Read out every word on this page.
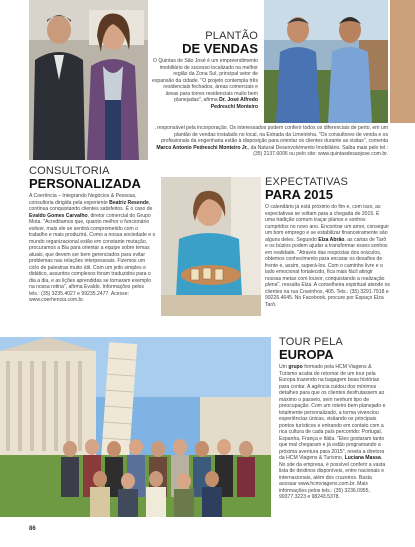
PLANTÃO
DE VENDAS
O Quintas de São José é um empreendimento imobiliário de sucesso localizado na melhor região da Zona Sul, principal vetor de expansão da cidade. "O projeto contempla três residenciais fechados, áreas comerciais e áreas para torres residenciais muito bem planejadas", afirma Dr. José Alfredo Pedreschi Monteiro
, responsável pela incorporação. Os interessados podem conferir todos os diferenciais de perto, em um plantão de vendas instalado no local, na Estrada da Limeirinha. "Os consultores de venda e os profissionais da engenharia estão à disposição para orientar os clientes durante as visitas", comenta Marco Antonio Pedreschi Monteiro Jr., da Natural Desenvolvimento Imobiliário. Saiba mais pelo tel.: (35) 2137.6006 ou pelo site: www.quintasdesaojose.com.br.
CONSULTORIA
PERSONALIZADA
A Coerência – Integrando Negócios & Pessoas, consultoria dirigida pela experiente Beatriz Resende, continua conquistando clientes satisfeitos. É o caso de Evaldo Gomes Carvalho, diretor comercial do Grupo Mota. "Acreditamos que, quanto melhor o funcionário estiver, mais ele se sentirá comprometido com o trabalho e mais produzirá. Como a nossa sociedade e o mundo organizacional estão em constante mutação, procuramos a Bia para orientar a equipe sobre temas atuais, que devem ser bem gerenciados para evitar problemas nas relações interpessoais. Fizemos um ciclo de palestras muito útil. Com um jeito simples e didático, assuntos complexos foram traduzidos para o dia a dia, e as lições aprendidas se tornaram exemplo na nossa rotina", afirma Evaldo. Informações pelos tels.: (35) 3235.4027 e 99235.2477. Acesse: www.coerhencia.com.br.
EXPECTATIVAS
PARA 2015
O calendário já está próximo do fim e, com isso, as expectativas se voltam para a chegada de 2015. É uma tradição comum traçar planos e sonhos cumpridos no novo ano. Encontrar um amor, conseguir um bom emprego e se estabilizar financeiramente são alguns deles. Segundo Elza Abrão, as cartas de Tarô e os búzios podem ajudar a transformar esses sonhos em realidade. "Através das respostas dos oráculos, obtemos conhecimento para encarar os desafios de frente e, assim, superá-los. Com o caminho livre e o lado emocional fortalecido, fica mais fácil atingir nossas metas com louvor, conquistando a realização plena", ressalta Elza. A conselheira espiritual atende os clientes na rua Cravinhos, 405. Tels.: (35) 3291.7918 e 99226.4645. No Facebook, procure por Espaço Elza Tarô.
TOUR PELA
EUROPA
Um grupo formado pela HCM Viagens & Turismo acaba de retornar de um tour pela Europa trazendo na bagagem boas histórias para contar. A agência cuidou dos mínimos detalhes para que os clientes desfrutassem ao máximo o passeio, sem nenhum tipo de preocupação. Com um roteiro bem planejado e totalmente personalizado, a turma vivenciou experiências únicas, visitando os principais pontos turísticos e entrando em contato com a rica cultura de cada país percorrido: Portugal, Espanha, França e Itália. "Eles gostaram tanto que mal chegaram e já estão programando a próxima aventura para 2015", revela a diretora da HCM Viagens & Turismo, Luciana Massa. No site da empresa, é possível conferir a vasta lista de destinos disponíveis, entre nacionais e internacionais, além dos cruzeiros. Basta acessar www.hcmviagens.com.br. Mais informações pelos tels.: (35) 3236.0955, 99377.3223 e 98243.5378.
86
